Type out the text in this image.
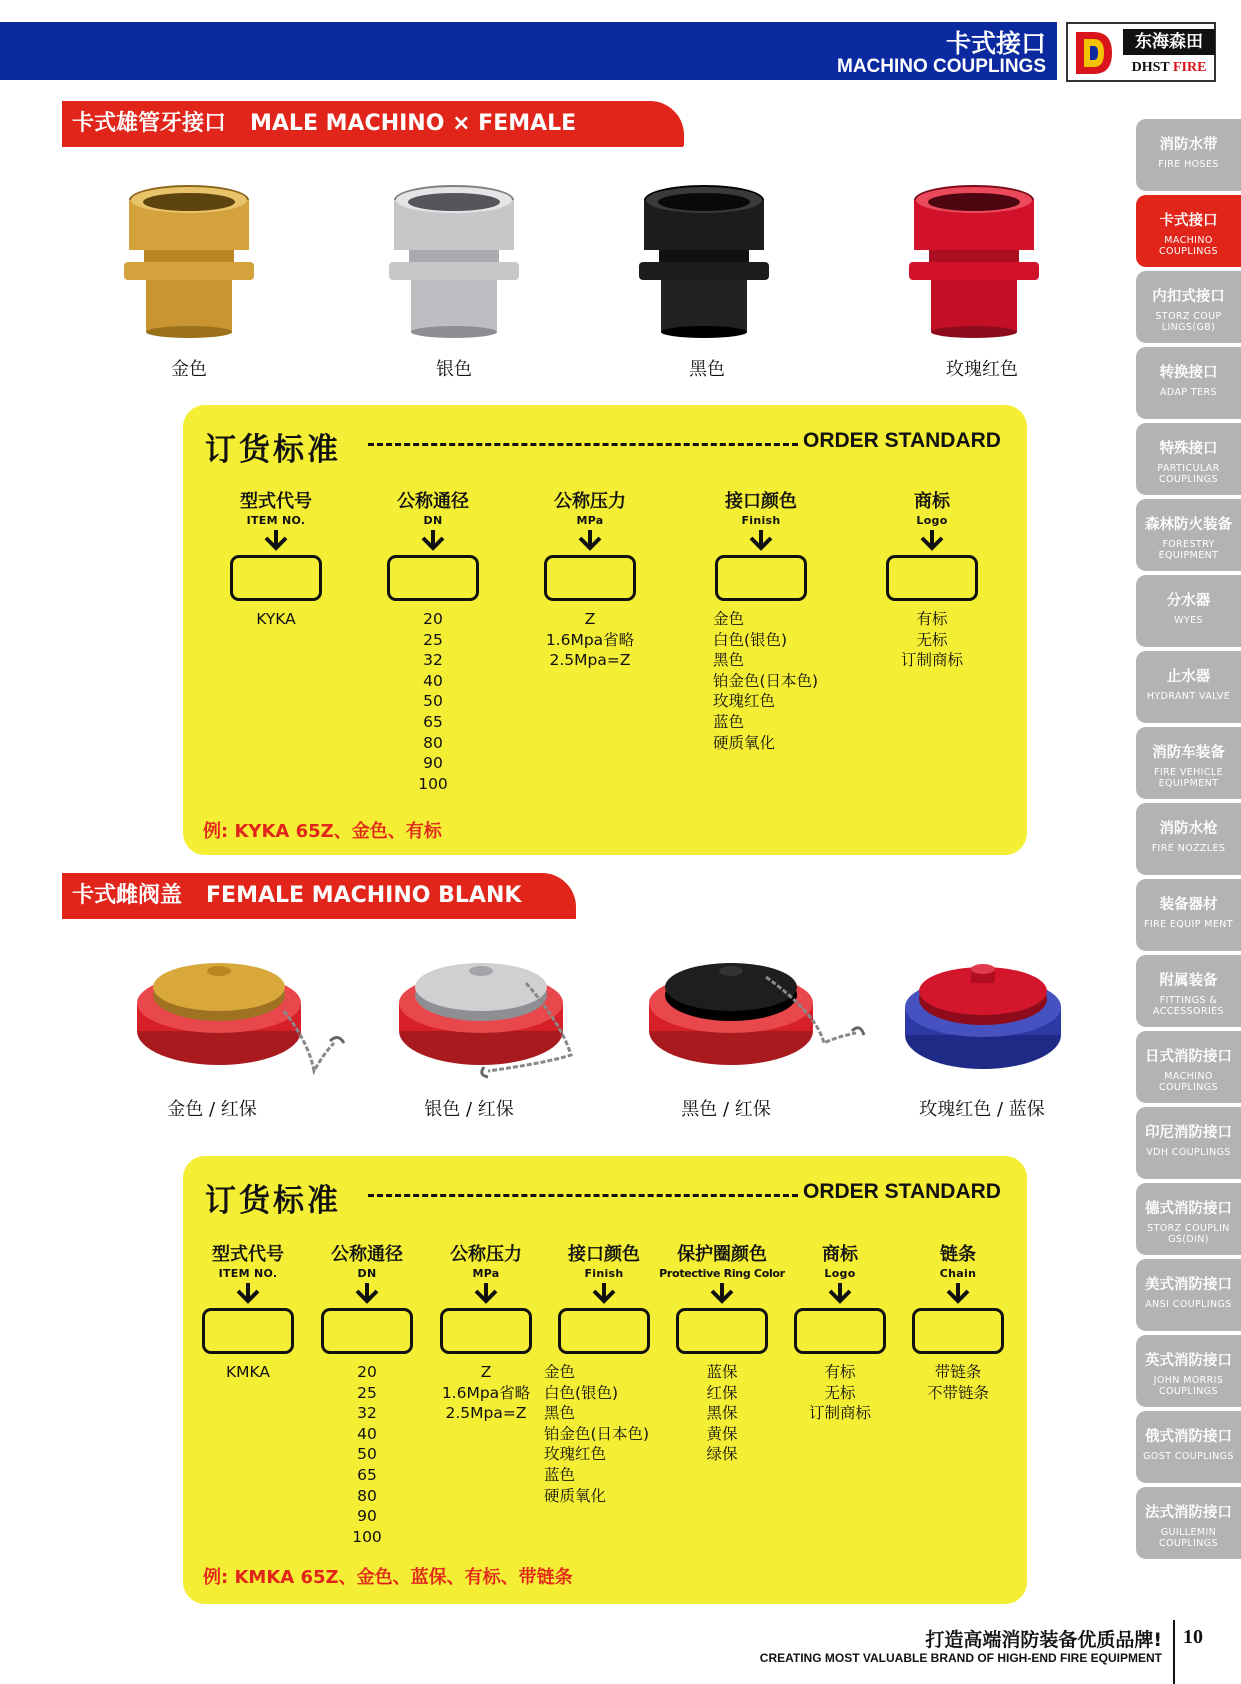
卡式接口
MACHINO COUPLINGS
东海森田
DHST FIRE
卡式雄管牙接口 MALE MACHINO × FEMALE THREAD
金色	银色	黑色	玫瑰红色
订货标准	ORDER STANDARD
型式代号
ITEM NO.
KYKA
公称通径
DN
20
25
32
40
50
65
80
90
100
公称压力
MPa
Z
1.6Mpa省略
2.5Mpa=Z
接口颜色
Finish
金色
白色(银色)
黑色
铂金色(日本色)
玫瑰红色
蓝色
硬质氧化
商标
Logo
有标
无标
订制商标
例: KYKA 65Z、金色、有标
卡式雌阀盖 FEMALE MACHINO BLANK CAP
金色 / 红保	银色 / 红保	黑色 / 红保	玫瑰红色 / 蓝保
订货标准	ORDER STANDARD
型式代号
ITEM NO.
KMKA
公称通径
DN
20
25
32
40
50
65
80
90
100
公称压力
MPa
Z
1.6Mpa省略
2.5Mpa=Z
接口颜色
Finish
金色
白色(银色)
黑色
铂金色(日本色)
玫瑰红色
蓝色
硬质氧化
保护圈颜色
Protective Ring Color
蓝保
红保
黑保
黄保
绿保
商标
Logo
有标
无标
订制商标
链条
Chain
带链条
不带链条
例: KMKA 65Z、金色、蓝保、有标、带链条
消防水带
FIRE HOSES
卡式接口
MACHINO COUPLINGS
内扣式接口
STORZ COUP LINGS(GB)
转换接口
ADAP TERS
特殊接口
PARTICULAR COUPLINGS
森林防火装备
FORESTRY EQUIPMENT
分水器
WYES
止水器
HYDRANT VALVE
消防车装备
FIRE VEHICLE EQUIPMENT
消防水枪
FIRE NOZZLES
装备器材
FIRE EQUIP MENT
附属装备
FITTINGS & ACCESSORIES
日式消防接口
MACHINO COUPLINGS
印尼消防接口
VDH COUPLINGS
德式消防接口
STORZ COUPLIN GS(DIN)
美式消防接口
ANSI COUPLINGS
英式消防接口
JOHN MORRIS COUPLINGS
俄式消防接口
GOST COUPLINGS
法式消防接口
GUILLEMIN COUPLINGS
打造高端消防装备优质品牌!
CREATING MOST VALUABLE BRAND OF HIGH-END FIRE EQUIPMENT
10
